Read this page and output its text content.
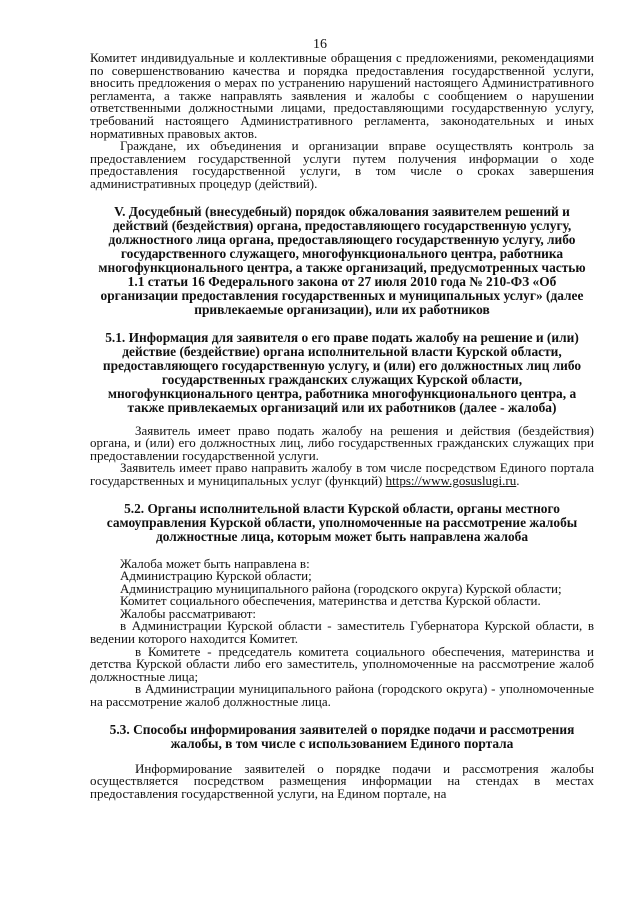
16

Комитет индивидуальные и коллективные обращения с предложениями, рекомендациями по совершенствованию качества и порядка предоставления государственной услуги, вносить предложения о мерах по устранению нарушений настоящего Административного регламента, а также направлять заявления и жалобы с сообщением о нарушении ответственными должностными лицами, предоставляющими государственную услугу, требований настоящего Административного регламента, законодательных и иных нормативных правовых актов.

Граждане, их объединения и организации вправе осуществлять контроль за предоставлением государственной услуги путем получения информации о ходе предоставления государственной услуги, в том числе о сроках завершения административных процедур (действий).

V. Досудебный (внесудебный) порядок обжалования заявителем решений и действий (бездействия) органа, предоставляющего государственную услугу, должностного лица органа, предоставляющего государственную услугу, либо государственного служащего, многофункционального центра, работника многофункционального центра, а также организаций, предусмотренных частью 1.1 статьи 16 Федерального закона от 27 июля 2010 года № 210-ФЗ «Об организации предоставления государственных и муниципальных услуг» (далее привлекаемые организации), или их работников
5.1. Информация для заявителя о его праве подать жалобу на решение и (или) действие (бездействие) органа исполнительной власти Курской области, предоставляющего государственную услугу, и (или) его должностных лиц либо государственных гражданских служащих Курской области, многофункционального центра, работника многофункционального центра, а также привлекаемых организаций или их работников (далее - жалоба)

Заявитель имеет право подать жалобу на решения и действия (бездействия) органа, и (или) его должностных лиц, либо государственных гражданских служащих при предоставлении государственной услуги.

Заявитель имеет право направить жалобу в том числе посредством Единого портала государственных и муниципальных услуг (функций) https://www.gosuslugi.ru.

5.2. Органы исполнительной власти Курской области, органы местного самоуправления Курской области, уполномоченные на рассмотрение жалобы должностные лица, которым может быть направлена жалоба

Жалоба может быть направлена в:

Администрацию Курской области;

Администрацию муниципального района (городского округа) Курской области;

Комитет социального обеспечения, материнства и детства Курской области.

Жалобы рассматривают:

в Администрации Курской области - заместитель Губернатора Курской области, в ведении которого находится Комитет.

в Комитете - председатель комитета социального обеспечения, материнства и детства Курской области либо его заместитель, уполномоченные на рассмотрение жалоб должностные лица;

в Администрации муниципального района (городского округа) - уполномоченные на рассмотрение жалоб должностные лица.

5.3. Способы информирования заявителей о порядке подачи и рассмотрения жалобы, в том числе с использованием Единого портала

Информирование заявителей о порядке подачи и рассмотрения жалобы осуществляется посредством размещения информации на стендах в местах предоставления государственной услуги, на Едином портале, на
